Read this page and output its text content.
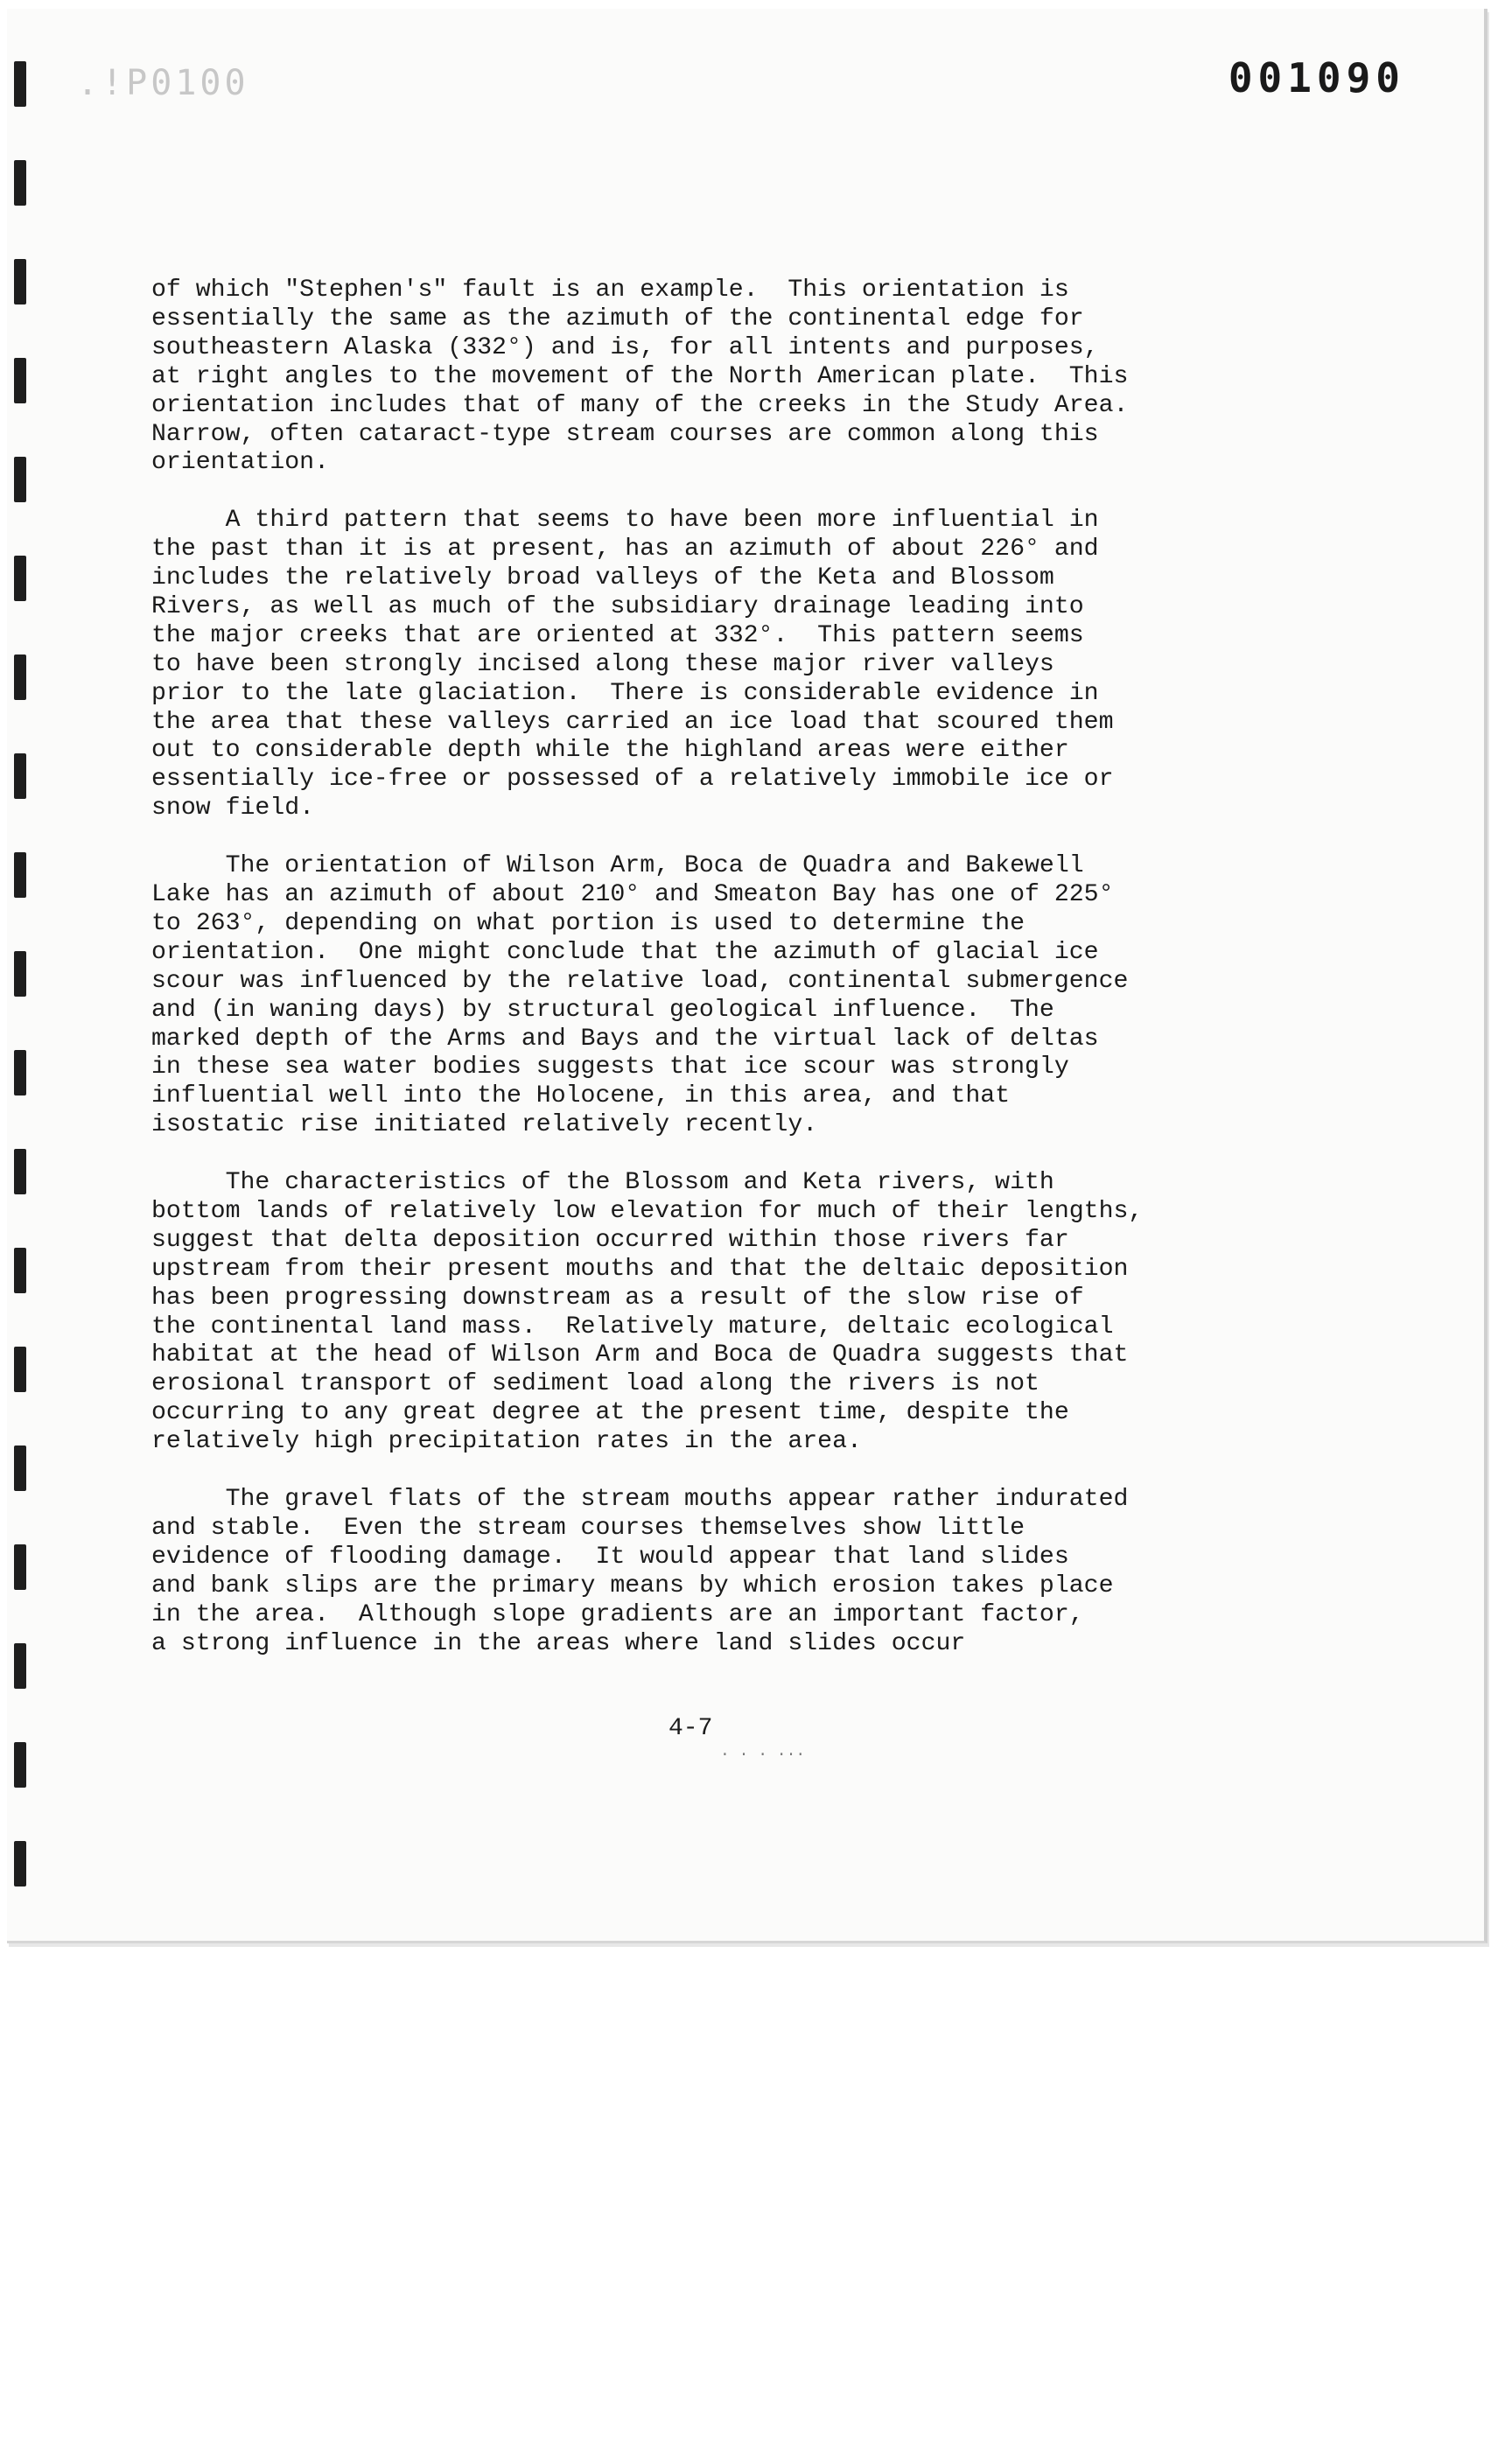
.!P0100	001090
of which "Stephen's" fault is an example.  This orientation is
essentially the same as the azimuth of the continental edge for
southeastern Alaska (332°) and is, for all intents and purposes,
at right angles to the movement of the North American plate.  This
orientation includes that of many of the creeks in the Study Area.
Narrow, often cataract-type stream courses are common along this
orientation.
A third pattern that seems to have been more influential in
the past than it is at present, has an azimuth of about 226° and
includes the relatively broad valleys of the Keta and Blossom
Rivers, as well as much of the subsidiary drainage leading into
the major creeks that are oriented at 332°.  This pattern seems
to have been strongly incised along these major river valleys
prior to the late glaciation.  There is considerable evidence in
the area that these valleys carried an ice load that scoured them
out to considerable depth while the highland areas were either
essentially ice-free or possessed of a relatively immobile ice or
snow field.
The orientation of Wilson Arm, Boca de Quadra and Bakewell
Lake has an azimuth of about 210° and Smeaton Bay has one of 225°
to 263°, depending on what portion is used to determine the
orientation.  One might conclude that the azimuth of glacial ice
scour was influenced by the relative load, continental submergence
and (in waning days) by structural geological influence.  The
marked depth of the Arms and Bays and the virtual lack of deltas
in these sea water bodies suggests that ice scour was strongly
influential well into the Holocene, in this area, and that
isostatic rise initiated relatively recently.
The characteristics of the Blossom and Keta rivers, with
bottom lands of relatively low elevation for much of their lengths,
suggest that delta deposition occurred within those rivers far
upstream from their present mouths and that the deltaic deposition
has been progressing downstream as a result of the slow rise of
the continental land mass.  Relatively mature, deltaic ecological
habitat at the head of Wilson Arm and Boca de Quadra suggests that
erosional transport of sediment load along the rivers is not
occurring to any great degree at the present time, despite the
relatively high precipitation rates in the area.
The gravel flats of the stream mouths appear rather indurated
and stable.  Even the stream courses themselves show little
evidence of flooding damage.  It would appear that land slides
and bank slips are the primary means by which erosion takes place
in the area.  Although slope gradients are an important factor,
a strong influence in the areas where land slides occur
4-7
. . . ...
